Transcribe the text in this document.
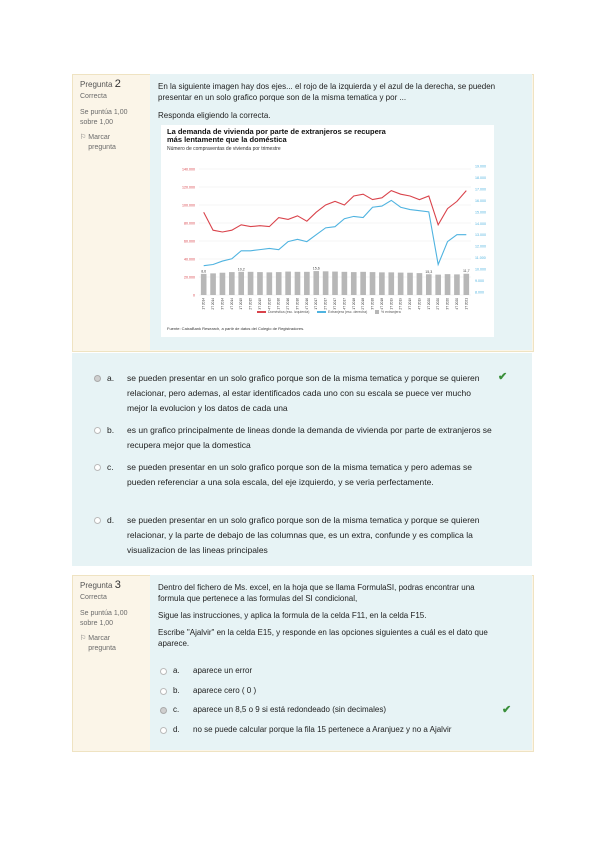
Pregunta 2
Correcta
Se puntúa 1,00 sobre 1,00
⚐ Marcar pregunta
En la siguiente imagen hay dos ejes... el rojo de la izquierda y el azul de la derecha, se pueden presentar en un solo grafico porque son de la misma tematica y por ...
Responda eligiendo la correcta.
La demanda de vivienda por parte de extranjeros se recupera más lentamente que la doméstica
Número de compraventas de vivienda por trimestre
140.000
120.000
100.000
80.000
60.000
40.000
20.000
0
19.000
18.000
17.000
16.000
15.000
14.000
13.000
12.000
11.000
10.000
9.000
8.000
8,6
10,2	15,6
15,3	11,7
1T 2014 2T 2014 3T 2014 4T 2014 1T 2015 2T 2015 3T 2015 4T 2015 1T 2016 2T 2016 3T 2016 4T 2016 1T 2017 2T 2017 3T 2017 4T 2017 1T 2018 2T 2018 3T 2018 4T 2018 1T 2019 2T 2019 3T 2019 4T 2019 1T 2020 2T 2020 3T 2020 4T 2020 1T 2021
Doméstica (esc. izquierda)	Extranjera (esc. derecha)	% extranjera
Fuente: CaixaBank Research, a partir de datos del Colegio de Registradores.
a.	se pueden presentar en un solo grafico porque son de la misma tematica y porque se quieren relacionar, pero ademas, al estar identificados cada uno con su escala se puece ver mucho mejor la evolucion y los datos de cada una
✔
b.	es un grafico principalmente de lineas donde la demanda de vivienda por parte de extranjeros se recupera mejor que la domestica
c.	se pueden presentar en un solo grafico porque son de la misma tematica y pero ademas se pueden referenciar a una sola escala, del eje izquierdo, y se veria perfectamente.
d.	se pueden presentar en un solo grafico porque son de la misma tematica y porque se quieren relacionar, y la parte de debajo de las columnas que, es un extra, confunde y es complica la visualizacion de las lineas principales
Pregunta 3
Correcta
Se puntúa 1,00 sobre 1,00
⚐ Marcar pregunta
Dentro del fichero de Ms. excel, en la hoja que se llama FormulaSI, podras encontrar una formula que pertenece a las formulas del SI condicional,
Sigue las instrucciones, y aplica la formula de la celda F11, en la celda F15.
Escribe "Ajalvir" en la celda E15, y responde en las opciones siguientes a cuál es el dato que aparece.
a.	aparece un error
b.	aparece cero ( 0 )
c.	aparece un 8,5 o 9 si está redondeado (sin decimales)	✔
d.	no se puede calcular porque la fila 15 pertenece a Aranjuez y no a Ajalvir
